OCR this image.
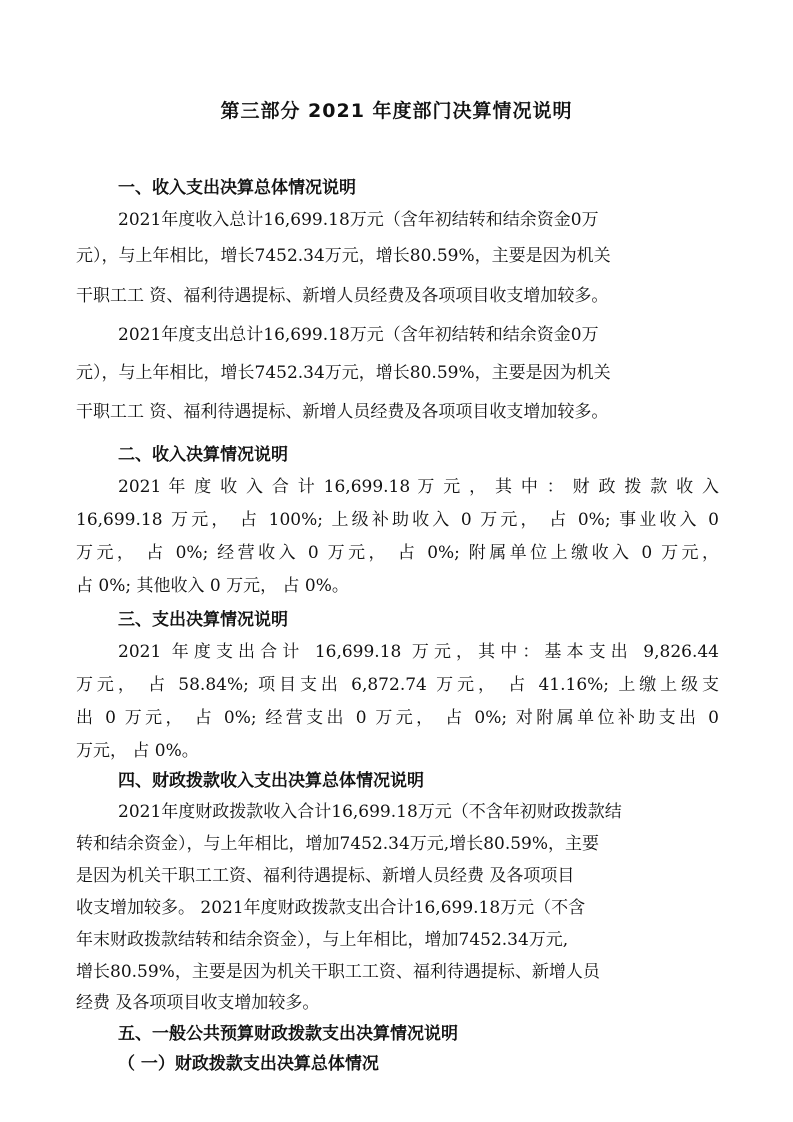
第三部分 2021 年度部门决算情况说明
一、收入支出决算总体情况说明
2021年度收入总计16,699.18万元（含年初结转和结余资金0万
元），与上年相比，增长7452.34万元，增长80.59%，主要是因为机关
干职工工 资、福利待遇提标、新增人员经费及各项项目收支增加较多。
2021年度支出总计16,699.18万元（含年初结转和结余资金0万
元），与上年相比，增长7452.34万元，增长80.59%，主要是因为机关
干职工工 资、福利待遇提标、新增人员经费及各项项目收支增加较多。
二、收入决算情况说明
2021 年 度 收 入 合 计 16,699.18 万 元 ， 其 中 ： 财 政 拨 款 收 入
16,699.18 万元， 占 100%; 上级补助收入 0 万元， 占 0%; 事业收入 0
万元， 占 0%; 经营收入 0 万元， 占 0%; 附属单位上缴收入 0 万元，
占 0%; 其他收入 0 万元， 占 0%。
三、支出决算情况说明
2021 年度支出合计 16,699.18 万元，其中：基本支出 9,826.44
万元， 占 58.84%; 项目支出 6,872.74 万元， 占 41.16%; 上缴上级支
出 0 万元， 占 0%; 经营支出 0 万元， 占 0%; 对附属单位补助支出 0
万元， 占 0%。
四、财政拨款收入支出决算总体情况说明
2021年度财政拨款收入合计16,699.18万元（不含年初财政拨款结
转和结余资金），与上年相比，增加7452.34万元,增长80.59%，主要
是因为机关干职工工资、福利待遇提标、新增人员经费 及各项项目
收支增加较多。 2021年度财政拨款支出合计16,699.18万元（不含
年末财政拨款结转和结余资金），与上年相比，增加7452.34万元,
增长80.59%，主要是因为机关干职工工资、福利待遇提标、新增人员
经费 及各项项目收支增加较多。
五、一般公共预算财政拨款支出决算情况说明
（ 一）财政拨款支出决算总体情况
